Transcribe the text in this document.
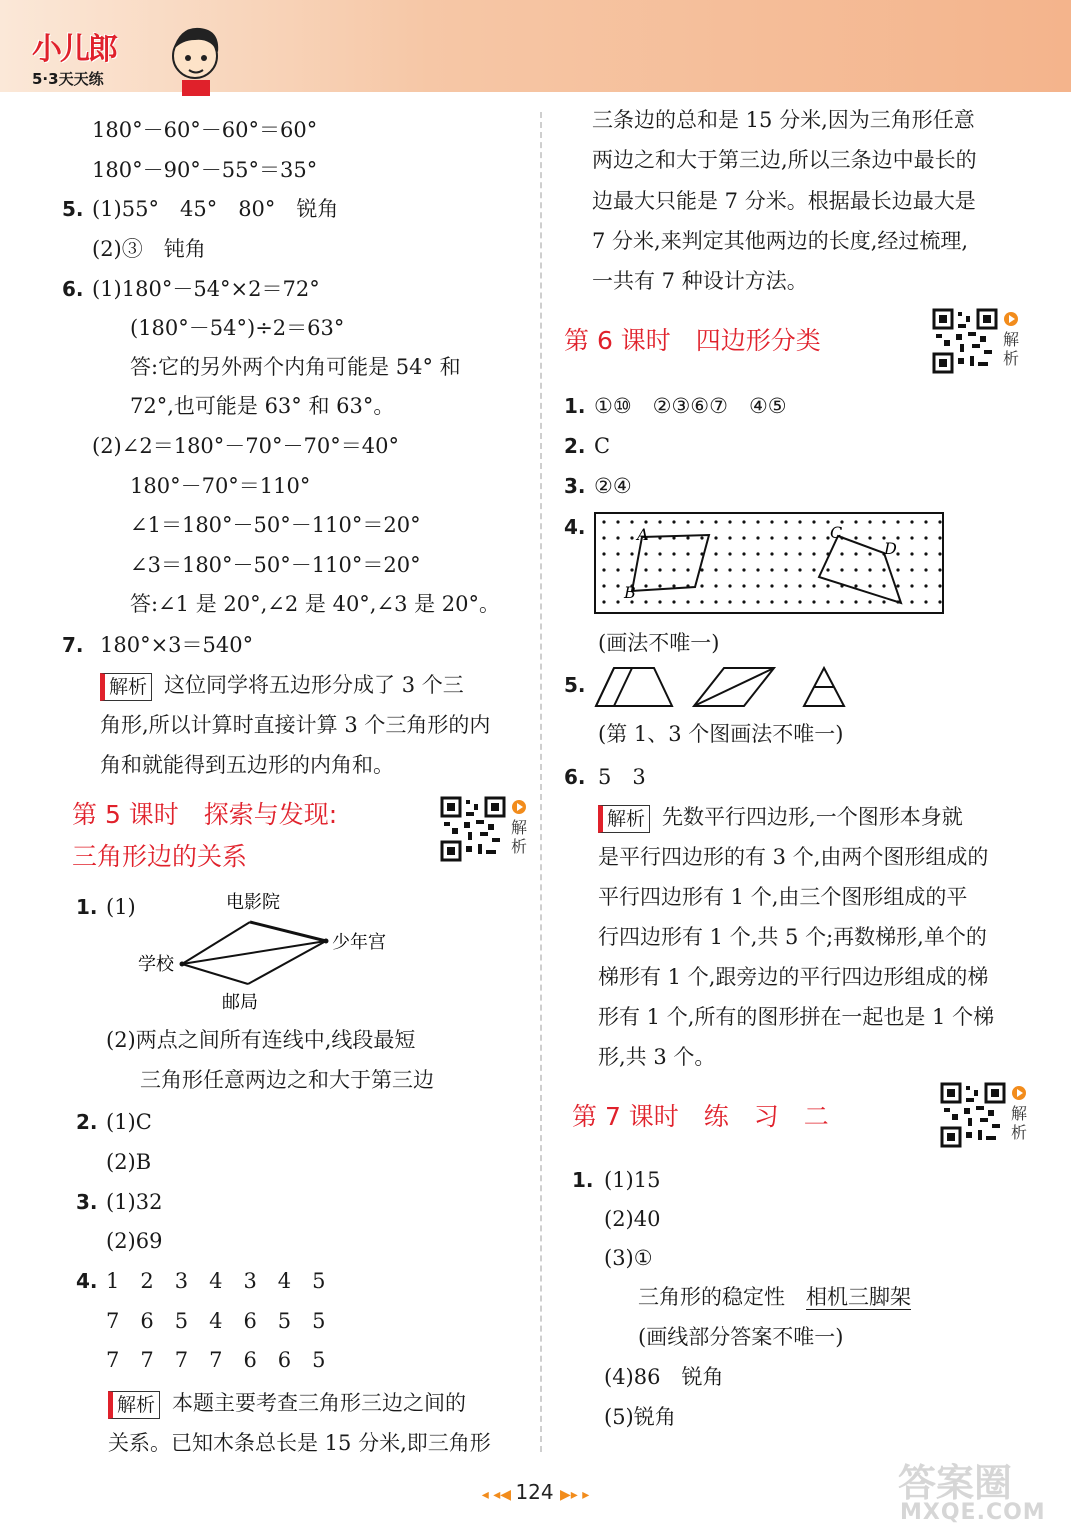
小儿郎
5·3天天练
180°－60°－60°＝60°
180°－90°－55°＝35°
5. (1)55°　45°　80°　锐角
(2)③　钝角
6. (1)180°－54°×2＝72°
(180°－54°)÷2＝63°
答:它的另外两个内角可能是 54° 和
72°,也可能是 63° 和 63°。
(2)∠2＝180°－70°－70°＝40°
180°－70°＝110°
∠1＝180°－50°－110°＝20°
∠3＝180°－50°－110°＝20°
答:∠1 是 20°,∠2 是 40°,∠3 是 20°。
7. 180°×3＝540°
解析 这位同学将五边形分成了 3 个三
角形,所以计算时直接计算 3 个三角形的内
角和就能得到五边形的内角和。
第 5 课时　探索与发现:
三角形边的关系
解析
1. (1)	电影院
少年宫
学校
邮局
(2)两点之间所有连线中,线段最短
三角形任意两边之和大于第三边
2. (1)C
(2)B
3. (1)32
(2)69
4. 1　2　3　4　3　4　5
7　6　5　4　6　5　5
7　7　7　7　6　6　5
解析 本题主要考查三角形三边之间的
关系。已知木条总长是 15 分米,即三角形
三条边的总和是 15 分米,因为三角形任意
两边之和大于第三边,所以三条边中最长的
边最大只能是 7 分米。根据最长边最大是
7 分米,来判定其他两边的长度,经过梳理,
一共有 7 种设计方法。
第 6 课时　四边形分类	解析
1. ①⑩　②③⑥⑦　④⑤
2. C
3. ②④
4.	A
B
C
D
(画法不唯一)
5.
(第 1、3 个图画法不唯一)
6. 5　3
解析 先数平行四边形,一个图形本身就
是平行四边形的有 3 个,由两个图形组成的
平行四边形有 1 个,由三个图形组成的平
行四边形有 1 个,共 5 个;再数梯形,单个的
梯形有 1 个,跟旁边的平行四边形组成的梯
形有 1 个,所有的图形拼在一起也是 1 个梯
形,共 3 个。
第 7 课时　练　习　二	解析
1. (1)15
(2)40
(3)①
三角形的稳定性　 相机三脚架
(画线部分答案不唯一)
(4)86　锐角
(5)锐角
◂ ◂◀ 124 ▶▸ ▸	答案圈
MXQE.COM
